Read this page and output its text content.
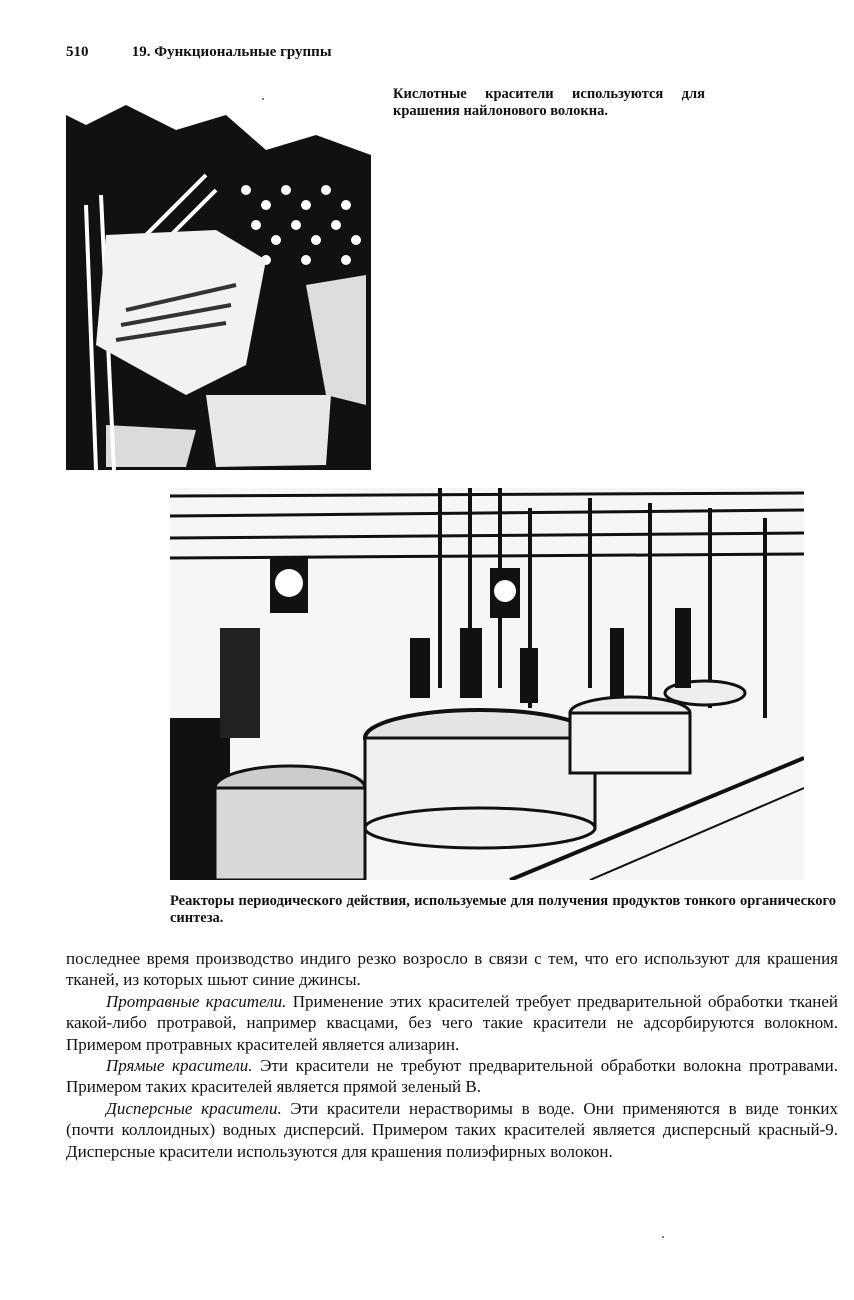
510	19. Функциональные группы
Кислотные красители используются для крашения найлонового волокна.
Реакторы периодического действия, используемые для получения продуктов тонкого органического синтеза.

последнее время производство индиго резко возросло в связи с тем, что его используют для крашения тканей, из которых шьют синие джинсы.

Протравные красители. Применение этих красителей требует предварительной обработки тканей какой-либо протравой, например квасцами, без чего такие красители не адсорбируются волокном. Примером протравных красителей является ализарин.

Прямые красители. Эти красители не требуют предварительной обработки волокна протравами. Примером таких красителей является прямой зеленый В.

Дисперсные красители. Эти красители нерастворимы в воде. Они применяются в виде тонких (почти коллоидных) водных дисперсий. Примером таких красителей является дисперсный красный-9. Дисперсные красители используются для крашения полиэфирных волокон.
